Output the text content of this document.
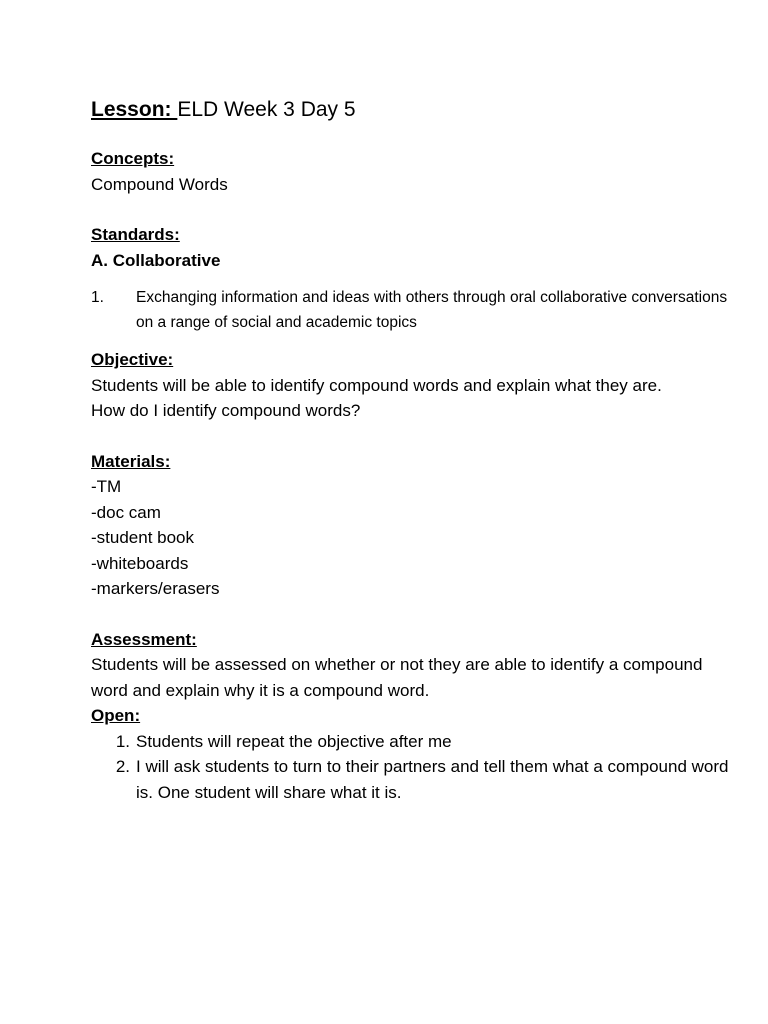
Lesson: ELD Week 3 Day 5
Concepts:
Compound Words
Standards:
A. Collaborative
1.	Exchanging information and ideas with others through oral collaborative conversations on a range of social and academic topics
Objective:
Students will be able to identify compound words and explain what they are.
How do I identify compound words?
Materials:
-TM
-doc cam
-student book
-whiteboards
-markers/erasers
Assessment:
Students will be assessed on whether or not they are able to identify a compound word and explain why it is a compound word.
Open:
1. Students will repeat the objective after me
2. I will ask students to turn to their partners and tell them what a compound word is. One student will share what it is.
